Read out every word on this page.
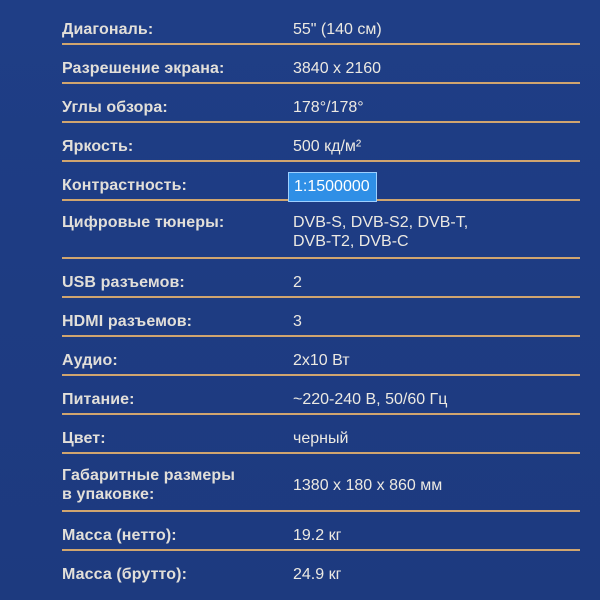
Диагональ:	55" (140 см)
Разрешение экрана:	3840 x 2160
Углы обзора:	178°/178°
Яркость:	500 кд/м²
Контрастность:	1:1500000
Цифровые тюнеры:	DVB-S, DVB-S2, DVB-T,
DVB-T2, DVB-C
USB разъемов:	2
HDMI разъемов:	3
Аудио:	2x10 Вт
Питание:	~220-240 В, 50/60 Гц
Цвет:	черный
Габаритные размеры
в упаковке:
1380 x 180 x 860 мм
Масса (нетто):	19.2 кг
Масса (брутто):	24.9 кг
